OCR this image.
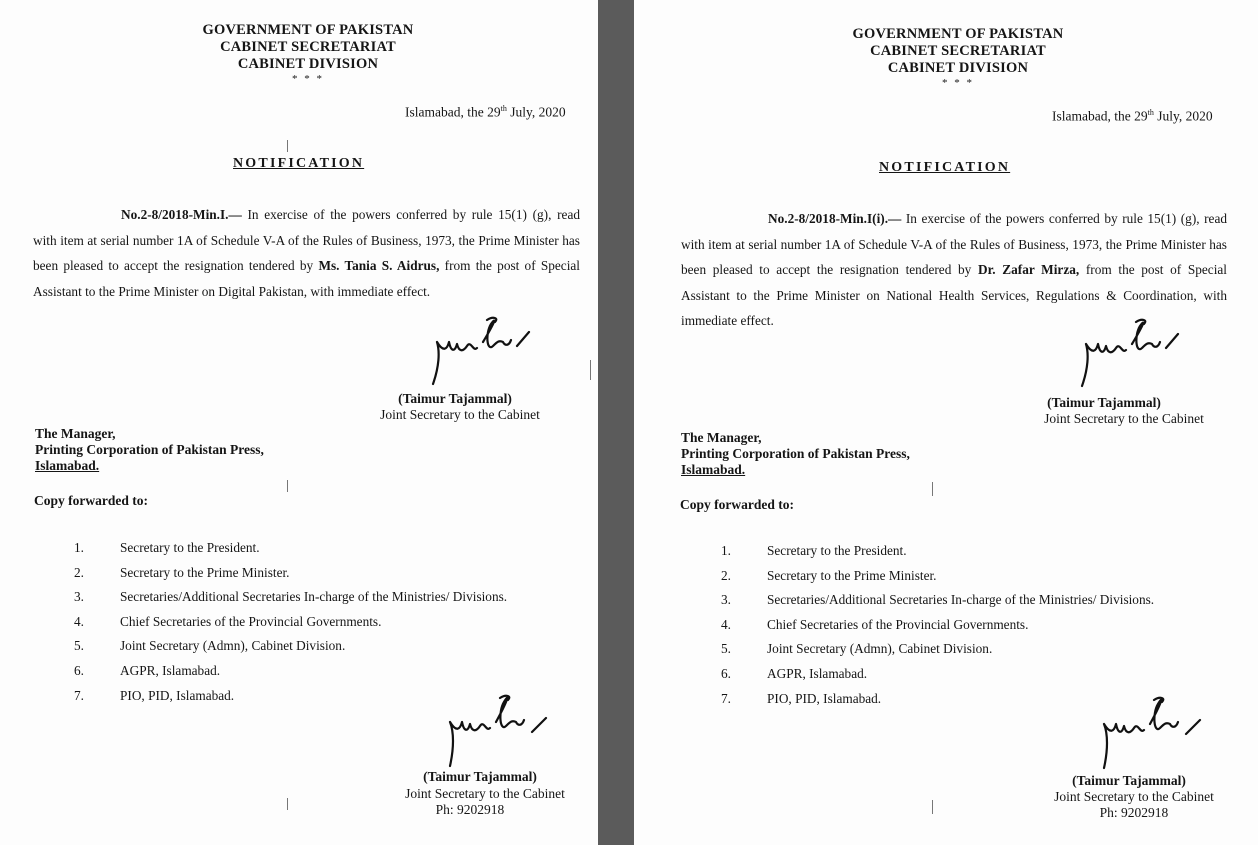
GOVERNMENT OF PAKISTAN
CABINET SECRETARIAT
CABINET DIVISION
* * *
Islamabad, the 29th July, 2020
NOTIFICATION
No.2-8/2018-Min.I.— In exercise of the powers conferred by rule 15(1) (g), read with item at serial number 1A of Schedule V-A of the Rules of Business, 1973, the Prime Minister has been pleased to accept the resignation tendered by Ms. Tania S. Aidrus, from the post of Special Assistant to the Prime Minister on Digital Pakistan, with immediate effect.
(Taimur Tajammal)
Joint Secretary to the Cabinet
The Manager,
Printing Corporation of Pakistan Press,
Islamabad.
Copy forwarded to:
1.	Secretary to the President.
2.	Secretary to the Prime Minister.
3.	Secretaries/Additional Secretaries In-charge of the Ministries/ Divisions.
4.	Chief Secretaries of the Provincial Governments.
5.	Joint Secretary (Admn), Cabinet Division.
6.	AGPR, Islamabad.
7.	PIO, PID, Islamabad.
(Taimur Tajammal)
Joint Secretary to the Cabinet
Ph: 9202918
GOVERNMENT OF PAKISTAN
CABINET SECRETARIAT
CABINET DIVISION
* * *
Islamabad, the 29th July, 2020
NOTIFICATION
No.2-8/2018-Min.I(i).— In exercise of the powers conferred by rule 15(1) (g), read with item at serial number 1A of Schedule V-A of the Rules of Business, 1973, the Prime Minister has been pleased to accept the resignation tendered by Dr. Zafar Mirza, from the post of Special Assistant to the Prime Minister on National Health Services, Regulations & Coordination, with immediate effect.
(Taimur Tajammal)
Joint Secretary to the Cabinet
The Manager,
Printing Corporation of Pakistan Press,
Islamabad.
Copy forwarded to:
1.	Secretary to the President.
2.	Secretary to the Prime Minister.
3.	Secretaries/Additional Secretaries In-charge of the Ministries/ Divisions.
4.	Chief Secretaries of the Provincial Governments.
5.	Joint Secretary (Admn), Cabinet Division.
6.	AGPR, Islamabad.
7.	PIO, PID, Islamabad.
(Taimur Tajammal)
Joint Secretary to the Cabinet
Ph: 9202918
